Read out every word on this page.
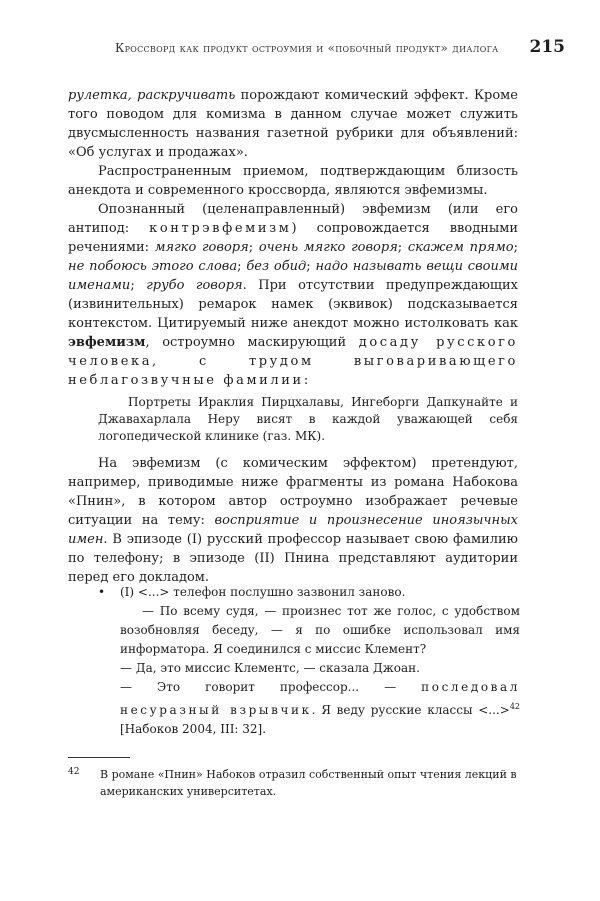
Кроссворд как продукт остроумия и «побочный продукт» диалога 215

рулетка, раскручивать порождают комический эффект. Кроме того поводом для комизма в данном случае может служить двусмысленность названия газетной рубрики для объявлений: «Об услугах и продажах».

Распространенным приемом, подтверждающим близость анекдота и современного кроссворда, являются эвфемизмы.

Опознанный (целенаправленный) эвфемизм (или его антипод: контрэвфемизм) сопровождается вводными речениями: мягко говоря; очень мягко говоря; скажем прямо; не побоюсь этого слова; без обид; надо называть вещи своими именами; грубо говоря. При отсутствии предупреждающих (извинительных) ремарок намек (эквивок) подсказывается контекстом. Цитируемый ниже анекдот можно истолковать как эвфемизм, остроумно маскирующий досаду русского человека, с трудом выговаривающего неблагозвучные фамилии:

Портреты Ираклия Пирцхалавы, Ингеборги Дапкунайте и Джавахарлала Неру висят в каждой уважающей себя логопедической клинике (газ. МК).

На эвфемизм (с комическим эффектом) претендуют, например, приводимые ниже фрагменты из романа Набокова «Пнин», в котором автор остроумно изображает речевые ситуации на тему: восприятие и произнесение иноязычных имен. В эпизоде (I) русский профессор называет свою фамилию по телефону; в эпизоде (II) Пнина представляют аудитории перед его докладом.

• (I) <...> телефон послушно зазвонил заново.
— По всему судя, — произнес тот же голос, с удобством возобновляя беседу, — я по ошибке использовал имя информатора. Я соединился с миссис Клемент?
— Да, это миссис Клементс, — сказала Джоан.
— Это говорит профессор... — последовал несуразный взрывчик. Я веду русские классы <...>$^{42}$ [Набоков 2004, III: 32].
42 В романе «Пнин» Набоков отразил собственный опыт чтения лекций в американских университетах.
